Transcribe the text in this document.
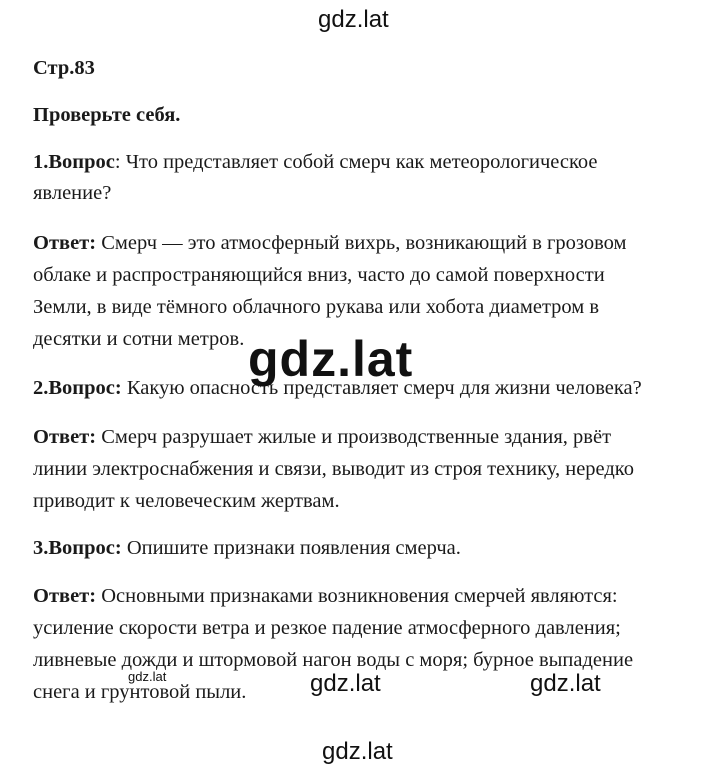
gdz.lat
Стр.83
Проверьте себя.
1.Вопрос: Что представляет собой смерч как метеорологическое
явление?
Ответ: Смерч — это атмосферный вихрь, возникающий в грозовом
облаке и распространяющийся вниз, часто до самой поверхности
Земли, в виде тёмного облачного рукава или хобота диаметром в
десятки и сотни метров.
2.Вопрос: Какую опасность представляет смерч для жизни человека?
Ответ: Смерч разрушает жилые и производственные здания, рвёт
линии электроснабжения и связи, выводит из строя технику, нередко
приводит к человеческим жертвам.
3.Вопрос: Опишите признаки появления смерча.
Ответ: Основными признаками возникновения смерчей являются:
усиление скорости ветра и резкое падение атмосферного давления;
ливневые дожди и штормовой нагон воды с моря; бурное выпадение
снега и грунтовой пыли.
gdz.lat
gdz.lat	gdz.lat	gdz.lat
gdz.lat
